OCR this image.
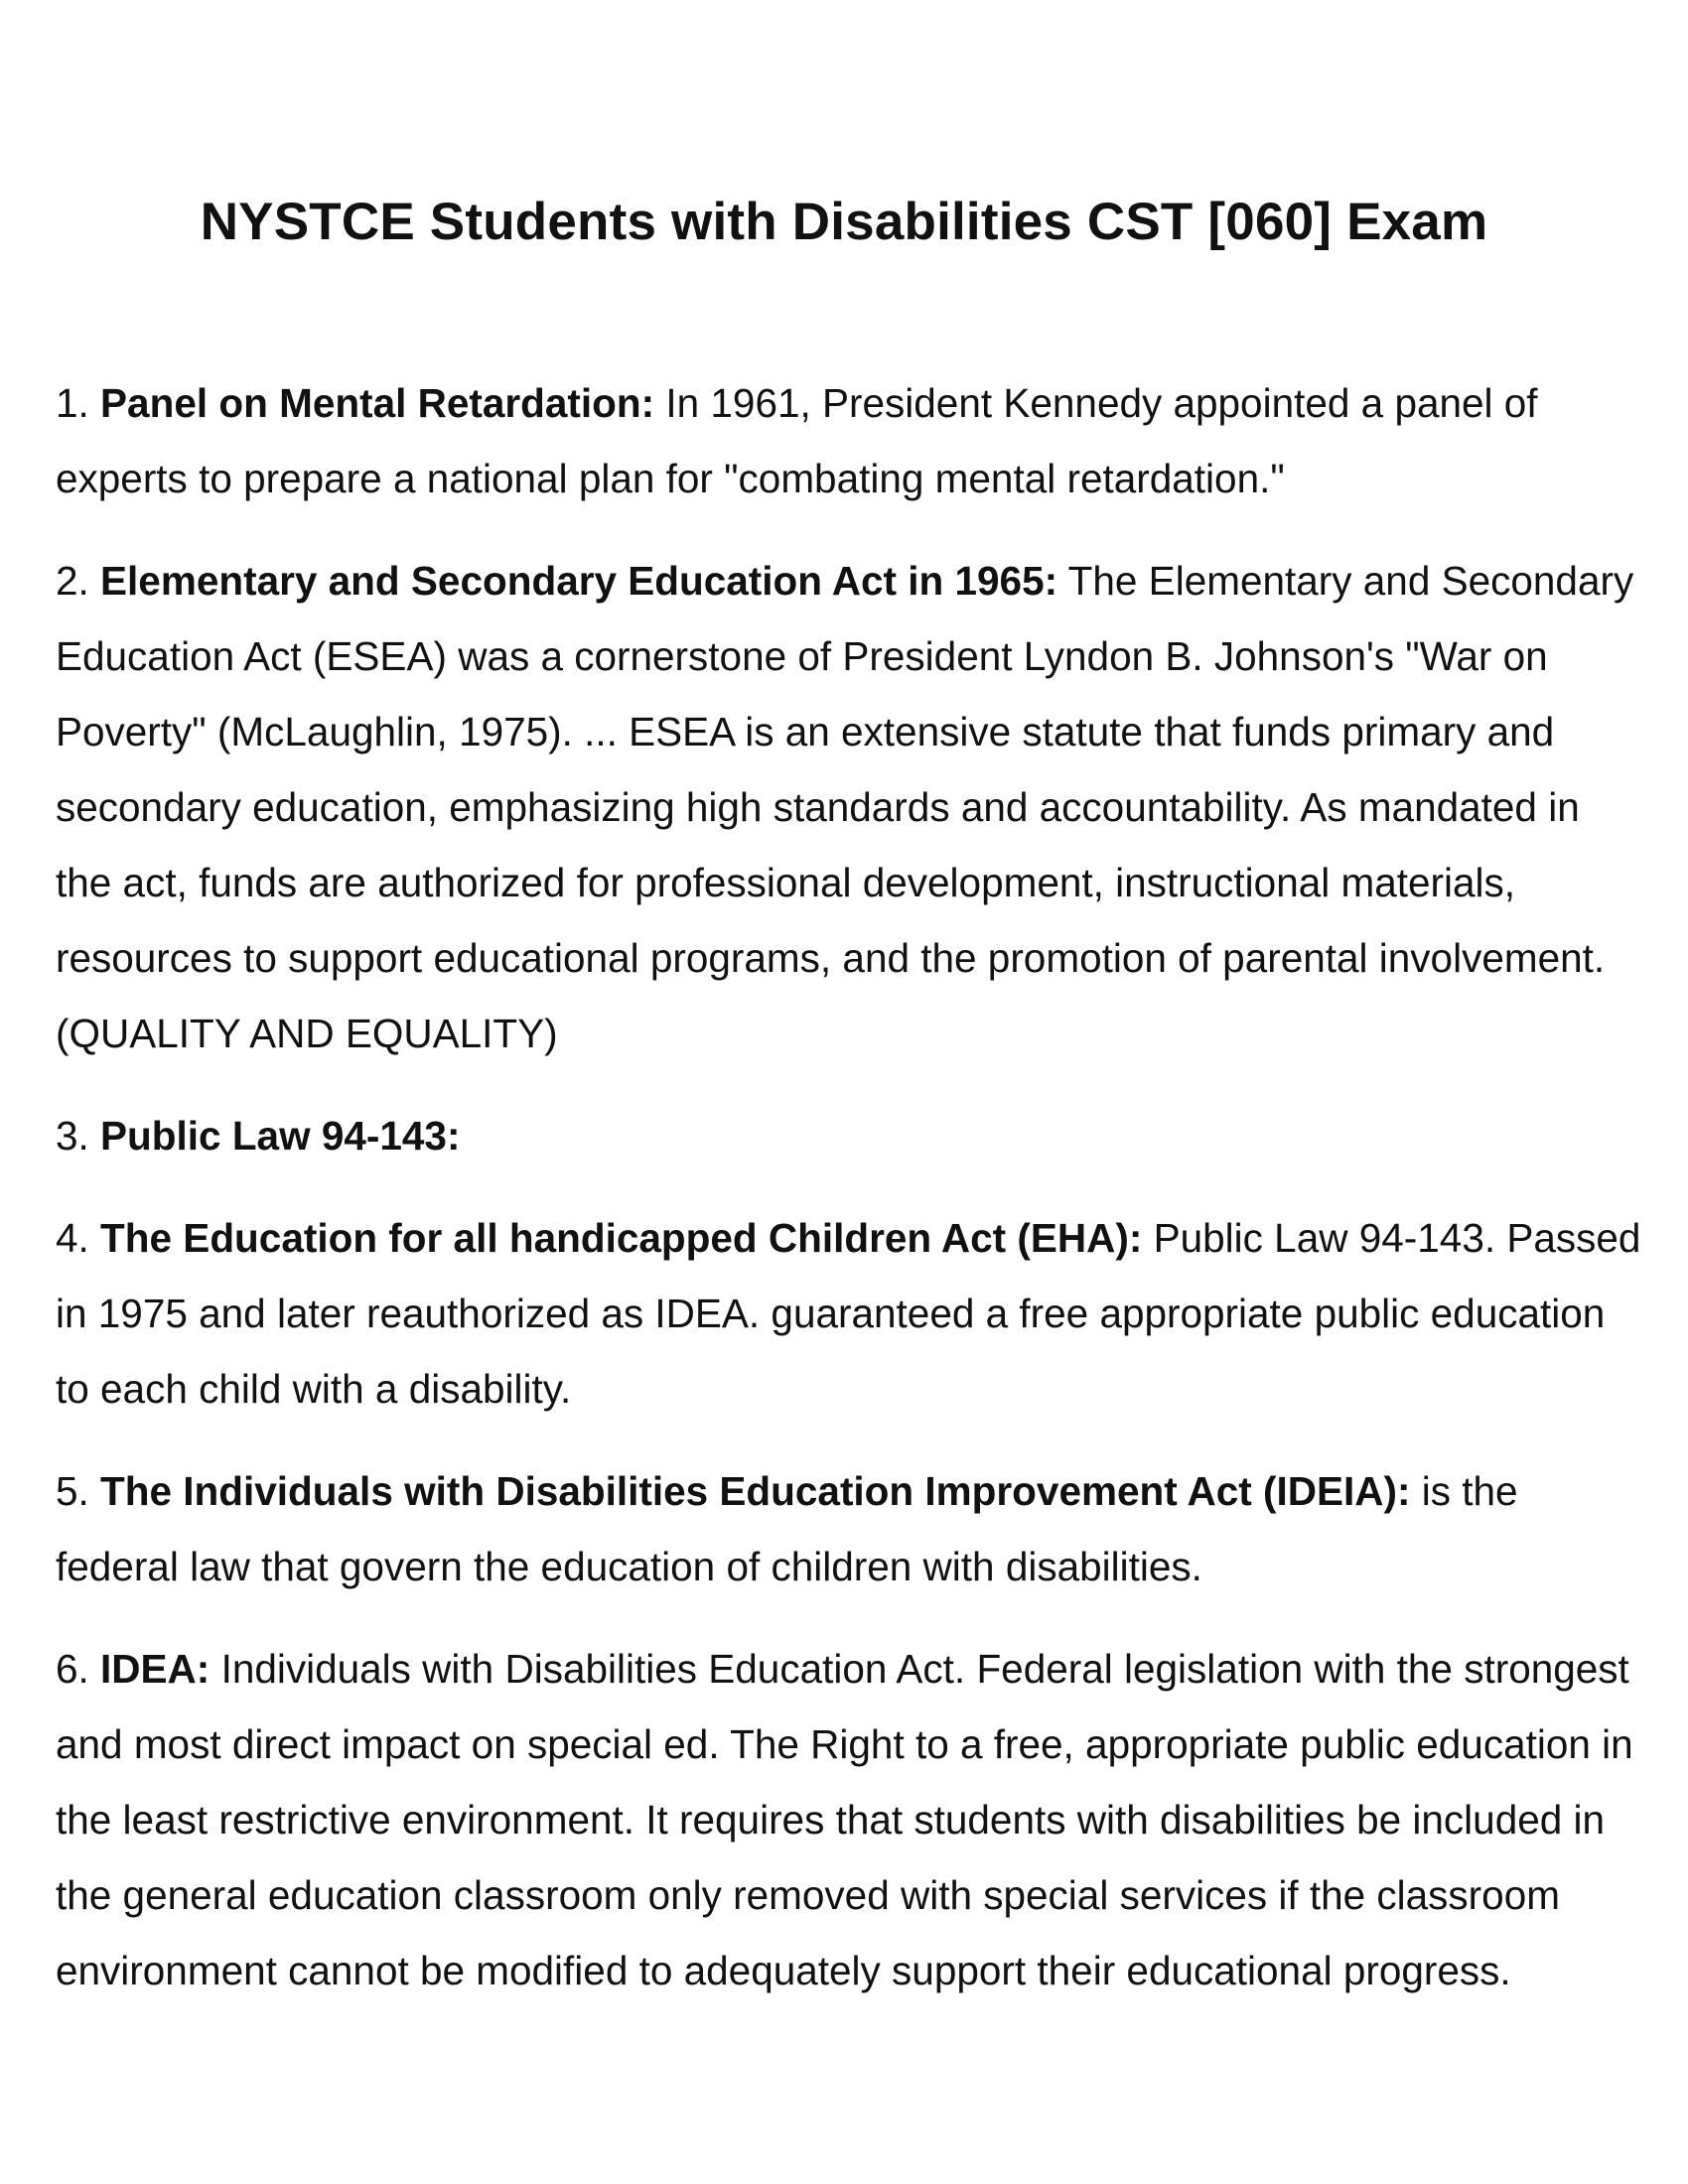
NYSTCE Students with Disabilities CST [060] Exam
1. Panel on Mental Retardation: In 1961, President Kennedy appointed a panel of experts to prepare a national plan for "combating mental retardation."
2. Elementary and Secondary Education Act in 1965: The Elementary and Secondary Education Act (ESEA) was a cornerstone of President Lyndon B. Johnson's "War on Poverty" (McLaughlin, 1975). ... ESEA is an extensive statute that funds primary and secondary education, emphasizing high standards and accountability. As mandated in the act, funds are authorized for professional development, instructional materials, resources to support educational programs, and the promotion of parental involvement. (QUALITY AND EQUALITY)
3. Public Law 94-143:
4. The Education for all handicapped Children Act (EHA): Public Law 94-143. Passed in 1975 and later reauthorized as IDEA. guaranteed a free appropriate public education to each child with a disability.
5. The Individuals with Disabilities Education Improvement Act (IDEIA): is the federal law that govern the education of children with disabilities.
6. IDEA: Individuals with Disabilities Education Act. Federal legislation with the strongest and most direct impact on special ed. The Right to a free, appropriate public education in the least restrictive environment. It requires that students with disabilities be included in the general education classroom only removed with special services if the classroom environment cannot be modified to adequately support their educational progress.
